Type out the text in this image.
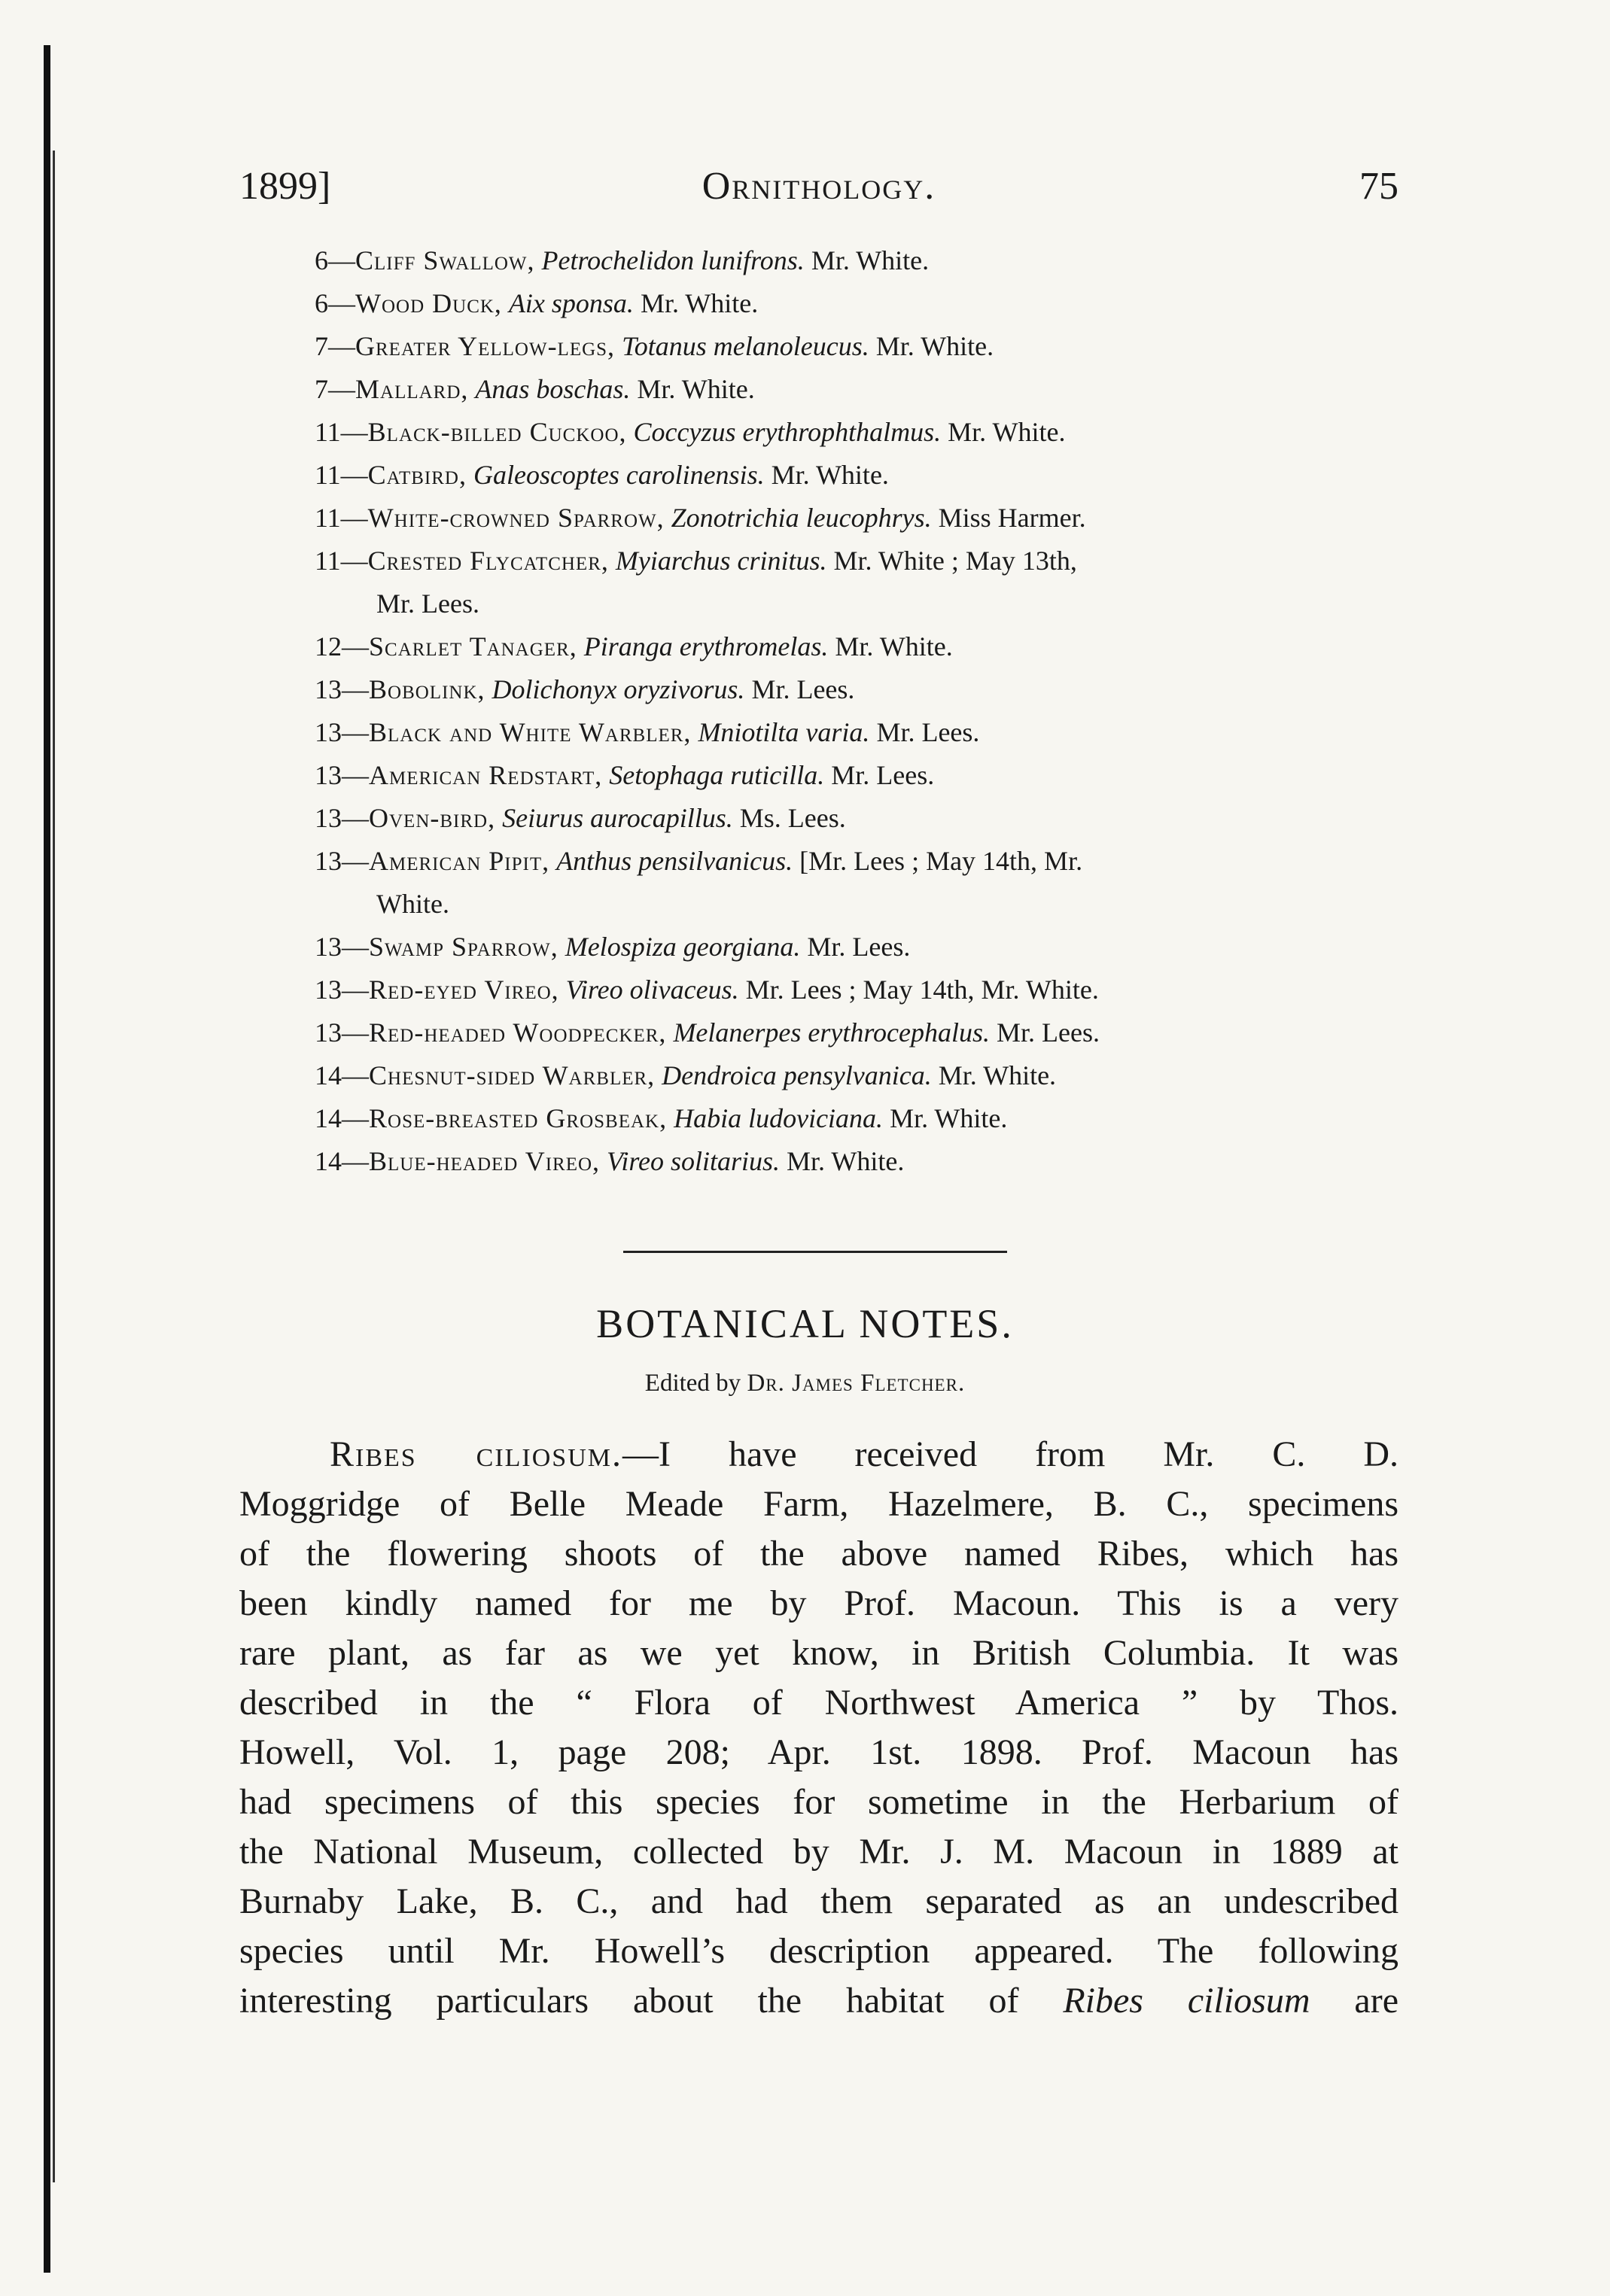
1899]	Ornithology.	75
6—Cliff Swallow, Petrochelidon lunifrons. Mr. White.
6—Wood Duck, Aix sponsa. Mr. White.
7—Greater Yellow-legs, Totanus melanoleucus. Mr. White.
7—Mallard, Anas boschas. Mr. White.
11—Black-billed Cuckoo, Coccyzus erythrophthalmus. Mr. White.
11—Catbird, Galeoscoptes carolinensis. Mr. White.
11—White-crowned Sparrow, Zonotrichia leucophrys. Miss Harmer.
11—Crested Flycatcher, Myiarchus crinitus. Mr. White ; May 13th,
Mr. Lees.
12—Scarlet Tanager, Piranga erythromelas. Mr. White.
13—Bobolink, Dolichonyx oryzivorus. Mr. Lees.
13—Black and White Warbler, Mniotilta varia. Mr. Lees.
13—American Redstart, Setophaga ruticilla. Mr. Lees.
13—Oven-bird, Seiurus aurocapillus. Ms. Lees.
13—American Pipit, Anthus pensilvanicus. [Mr. Lees ; May 14th, Mr.
White.
13—Swamp Sparrow, Melospiza georgiana. Mr. Lees.
13—Red-eyed Vireo, Vireo olivaceus. Mr. Lees ; May 14th, Mr. White.
13—Red-headed Woodpecker, Melanerpes erythrocephalus. Mr. Lees.
14—Chesnut-sided Warbler, Dendroica pensylvanica. Mr. White.
14—Rose-breasted Grosbeak, Habia ludoviciana. Mr. White.
14—Blue-headed Vireo, Vireo solitarius. Mr. White.
BOTANICAL NOTES.
Edited by Dr. James Fletcher.
Ribes ciliosum.—I have received from Mr. C. D.
Moggridge of Belle Meade Farm, Hazelmere, B. C., specimens
of the flowering shoots of the above named Ribes, which has
been kindly named for me by Prof. Macoun. This is a very
rare plant, as far as we yet know, in British Columbia. It was
described in the “ Flora of Northwest America ” by Thos.
Howell, Vol. 1, page 208; Apr. 1st. 1898. Prof. Macoun has
had specimens of this species for sometime in the Herbarium of
the National Museum, collected by Mr. J. M. Macoun in 1889 at
Burnaby Lake, B. C., and had them separated as an undescribed
species until Mr. Howell’s description appeared. The following
interesting particulars about the habitat of Ribes ciliosum are
